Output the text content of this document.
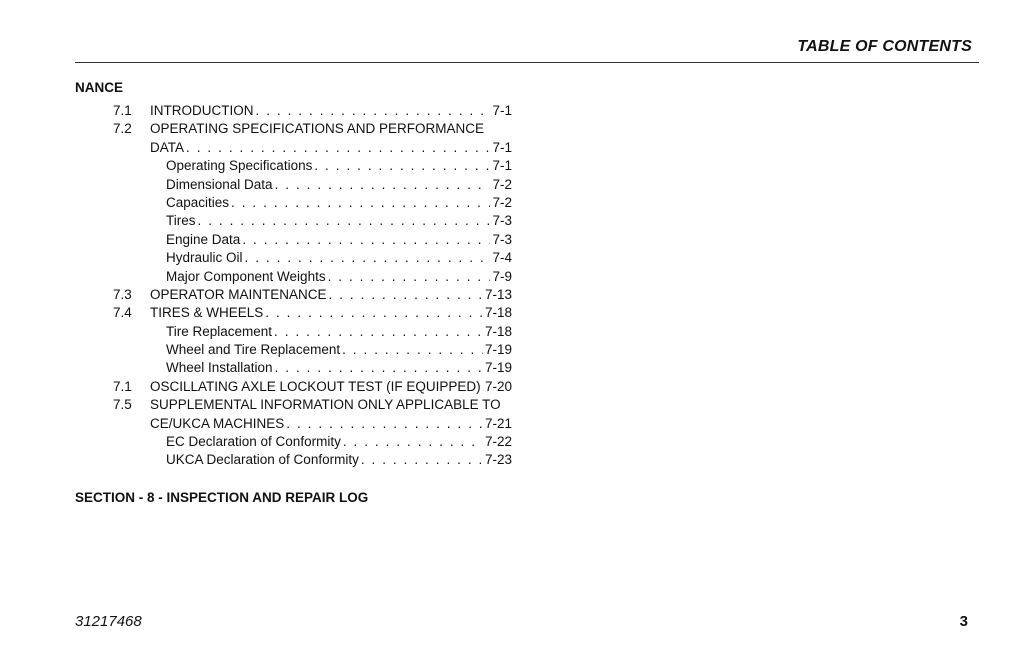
TABLE OF CONTENTS
NANCE
7.1 INTRODUCTION . . .	7-1
7.2 OPERATING SPECIFICATIONS AND PERFORMANCE
DATA . . .	7-1
Operating Specifications . . .	7-1
Dimensional Data . . .	7-2
Capacities . . .	7-2
Tires . . .	7-3
Engine Data . . .	7-3
Hydraulic Oil . . .	7-4
Major Component Weights . . .	7-9
7.3 OPERATOR MAINTENANCE . . .	7-13
7.4 TIRES & WHEELS . . .	7-18
Tire Replacement . . .	7-18
Wheel and Tire Replacement . . .	7-19
Wheel Installation . . .	7-19
7.1 OSCILLATING AXLE LOCKOUT TEST (IF EQUIPPED) . . . 7-20
7.5 SUPPLEMENTAL INFORMATION ONLY APPLICABLE TO
CE/UKCA MACHINES . . .	7-21
EC Declaration of Conformity . . .	7-22
UKCA Declaration of Conformity . . .	7-23
SECTION - 8 - INSPECTION AND REPAIR LOG
31217468	3
